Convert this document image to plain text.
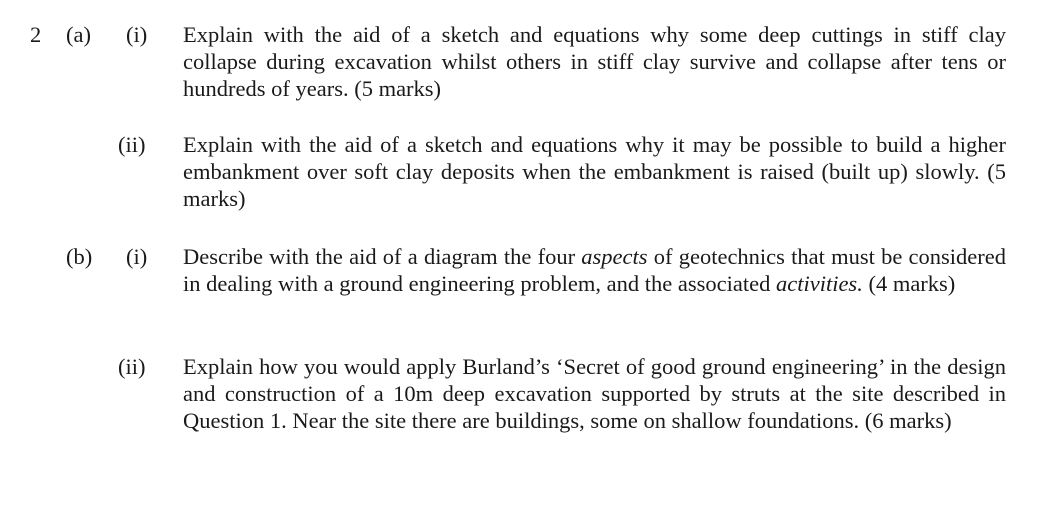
2 (a) (i) Explain with the aid of a sketch and equations why some deep cuttings in stiff clay collapse during excavation whilst others in stiff clay survive and collapse after tens or hundreds of years. (5 marks)
(ii) Explain with the aid of a sketch and equations why it may be possible to build a higher embankment over soft clay deposits when the embankment is raised (built up) slowly. (5 marks)
(b) (i) Describe with the aid of a diagram the four aspects of geotechnics that must be considered in dealing with a ground engineering problem, and the associated activities. (4 marks)
(ii) Explain how you would apply Burland’s ‘Secret of good ground engineering’ in the design and construction of a 10m deep excavation supported by struts at the site described in Question 1. Near the site there are buildings, some on shallow foundations. (6 marks)
